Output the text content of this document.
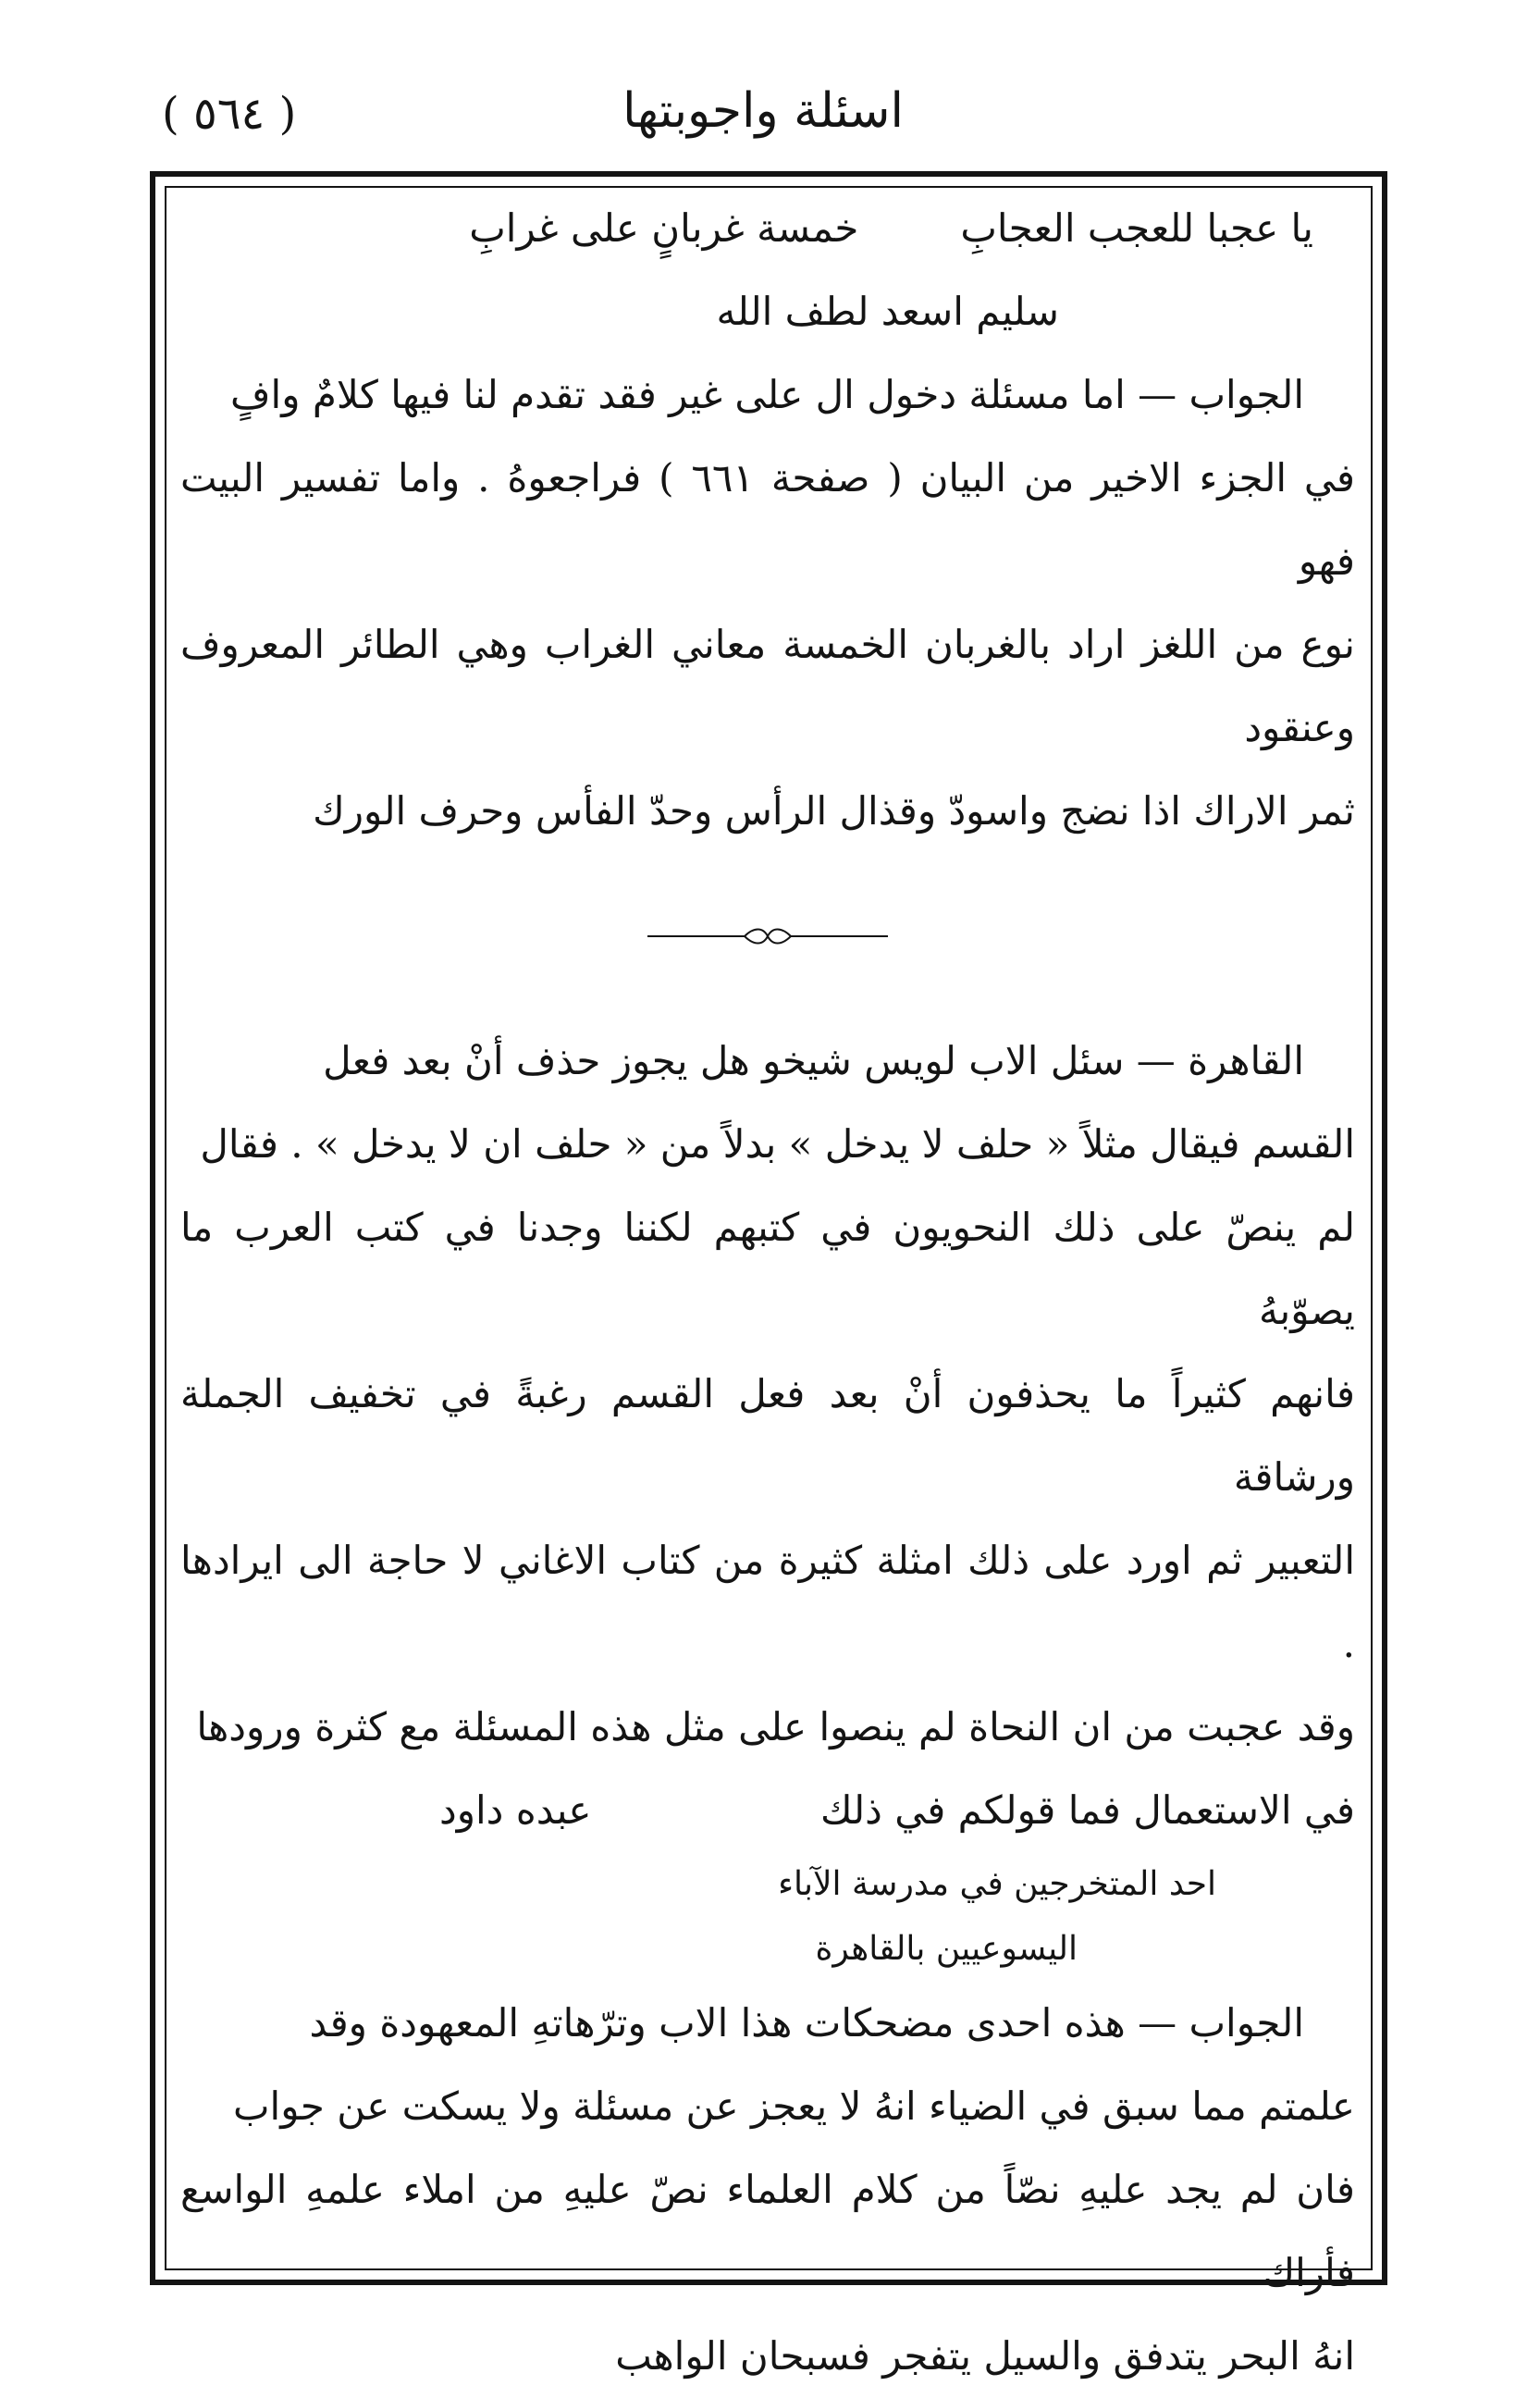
( ٥٦٤ )	اسئلة واجوبتها

يا عجبا للعجب العجابِ
خمسة غربانٍ على غرابِ

سليم اسعد لطف الله

الجواب — اما مسئلة دخول ال على غير فقد تقدم لنا فيها كلامٌ وافٍ

في الجزء الاخير من البيان ( صفحة ٦٦١ ) فراجعوهُ . واما تفسير البيت فهو

نوع من اللغز اراد بالغربان الخمسة معاني الغراب وهي الطائر المعروف وعنقود

ثمر الاراك اذا نضج واسودّ وقذال الرأس وحدّ الفأس وحرف الورك

القاهرة — سئل الاب لويس شيخو هل يجوز حذف أنْ بعد فعل

القسم فيقال مثلاً « حلف لا يدخل » بدلاً من « حلف ان لا يدخل » . فقال

لم ينصّ على ذلك النحويون في كتبهم لكننا وجدنا في كتب العرب ما يصوّبهُ

فانهم كثيراً ما يحذفون أنْ بعد فعل القسم رغبةً في تخفيف الجملة ورشاقة

التعبير ثم اورد على ذلك امثلة كثيرة من كتاب الاغاني لا حاجة الى ايرادها .

وقد عجبت من ان النحاة لم ينصوا على مثل هذه المسئلة مع كثرة ورودها

في الاستعمال فما قولكم في ذلك
عبده داود

احد المتخرجين في مدرسة الآباء

اليسوعيين بالقاهرة

الجواب — هذه احدى مضحكات هذا الاب وترّهاتهِ المعهودة وقد

علمتم مما سبق في الضياء انهُ لا يعجز عن مسئلة ولا يسكت عن جواب

فان لم يجد عليهِ نصّاً من كلام العلماء نصّ عليهِ من املاء علمهِ الواسع فأراك

انهُ البحر يتدفق والسيل يتفجر فسبحان الواهب
